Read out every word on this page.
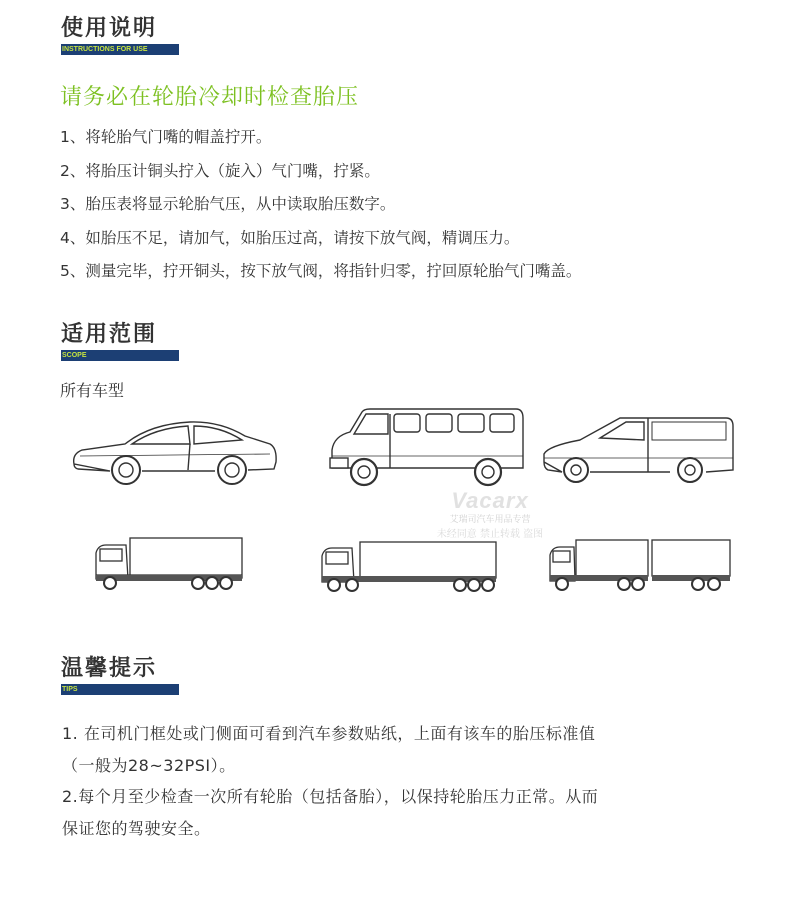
使用说明
INSTRUCTIONS FOR USE
请务必在轮胎冷却时检查胎压
1、将轮胎气门嘴的帽盖拧开。
2、将胎压计铜头拧入（旋入）气门嘴，拧紧。
3、胎压表将显示轮胎气压，从中读取胎压数字。
4、如胎压不足，请加气，如胎压过高，请按下放气阀，精调压力。
5、测量完毕，拧开铜头，按下放气阀，将指针归零，拧回原轮胎气门嘴盖。
适用范围
SCOPE
所有车型
Vacarx
艾瑞司汽车用品专营
未经同意 禁止转载 盗图
温馨提示
TIPS

1. 在司机门框处或门侧面可看到汽车参数贴纸，上面有该车的胎压标准值

（一般为28~32PSI）。

2.每个月至少检查一次所有轮胎（包括备胎），以保持轮胎压力正常。从而

保证您的驾驶安全。
